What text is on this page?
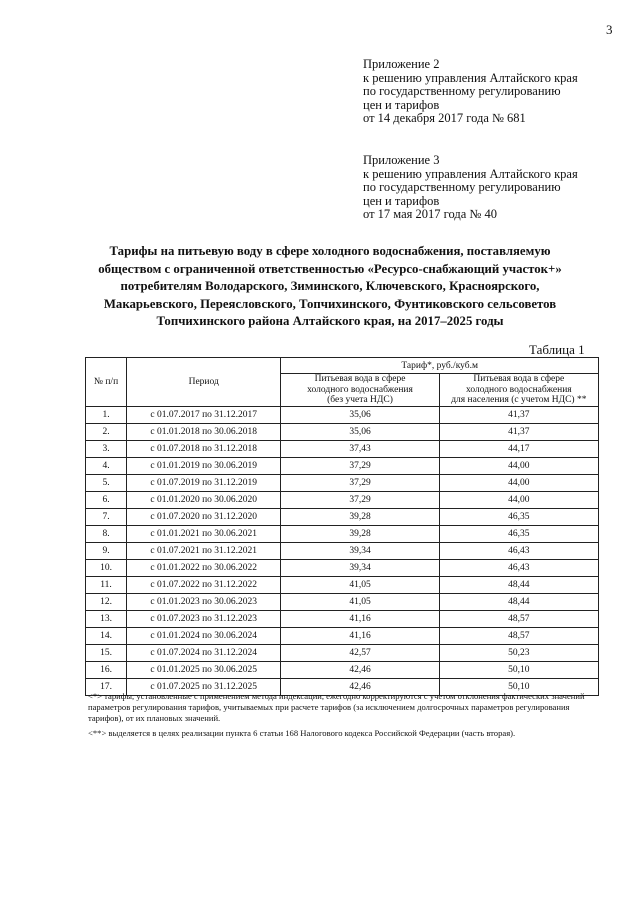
3
Приложение 2
к решению управления Алтайского края
по государственному регулированию
цен и тарифов
от 14 декабря 2017 года № 681
Приложение 3
к решению управления Алтайского края
по государственному регулированию
цен и тарифов
от 17 мая 2017 года № 40
Тарифы на питьевую воду в сфере холодного водоснабжения, поставляемую
обществом с ограниченной ответственностью «Ресурсо-снабжающий участок+»
потребителям Володарского, Зиминского, Ключевского, Красноярского,
Макарьевского, Переясловского, Топчихинского, Фунтиковского сельсоветов
Топчихинского района Алтайского края, на 2017–2025 годы
Таблица 1
№ п/п	Период	Тариф*, руб./куб.м	

		Питьевая вода в сфере
холодного водоснабжения
(без учета НДС)	Питьевая вода в сфере
холодного водоснабжения
для населения (с учетом НДС) **

1.	с 01.07.2017 по 31.12.2017	35,06	41,37
2.	с 01.01.2018 по 30.06.2018	35,06	41,37
3.	с 01.07.2018 по 31.12.2018	37,43	44,17
4.	с 01.01.2019 по 30.06.2019	37,29	44,00
5.	с 01.07.2019 по 31.12.2019	37,29	44,00
6.	с 01.01.2020 по 30.06.2020	37,29	44,00
7.	с 01.07.2020 по 31.12.2020	39,28	46,35
8.	с 01.01.2021 по 30.06.2021	39,28	46,35
9.	с 01.07.2021 по 31.12.2021	39,34	46,43
10.	с 01.01.2022 по 30.06.2022	39,34	46,43
11.	с 01.07.2022 по 31.12.2022	41,05	48,44
12.	с 01.01.2023 по 30.06.2023	41,05	48,44
13.	с 01.07.2023 по 31.12.2023	41,16	48,57
14.	с 01.01.2024 по 30.06.2024	41,16	48,57
15.	с 01.07.2024 по 31.12.2024	42,57	50,23
16.	с 01.01.2025 по 30.06.2025	42,46	50,10
17.	с 01.07.2025 по 31.12.2025	42,46	50,10

<*> тарифы, установленные с применением метода индексации, ежегодно корректируются с учетом отклонения фактических значений параметров регулирования тарифов, учитываемых при расчете тарифов (за исключением долгосрочных параметров регулирования тарифов), от их плановых значений.

<**> выделяется в целях реализации пункта 6 статьи 168 Налогового кодекса Российской Федерации (часть вторая).
